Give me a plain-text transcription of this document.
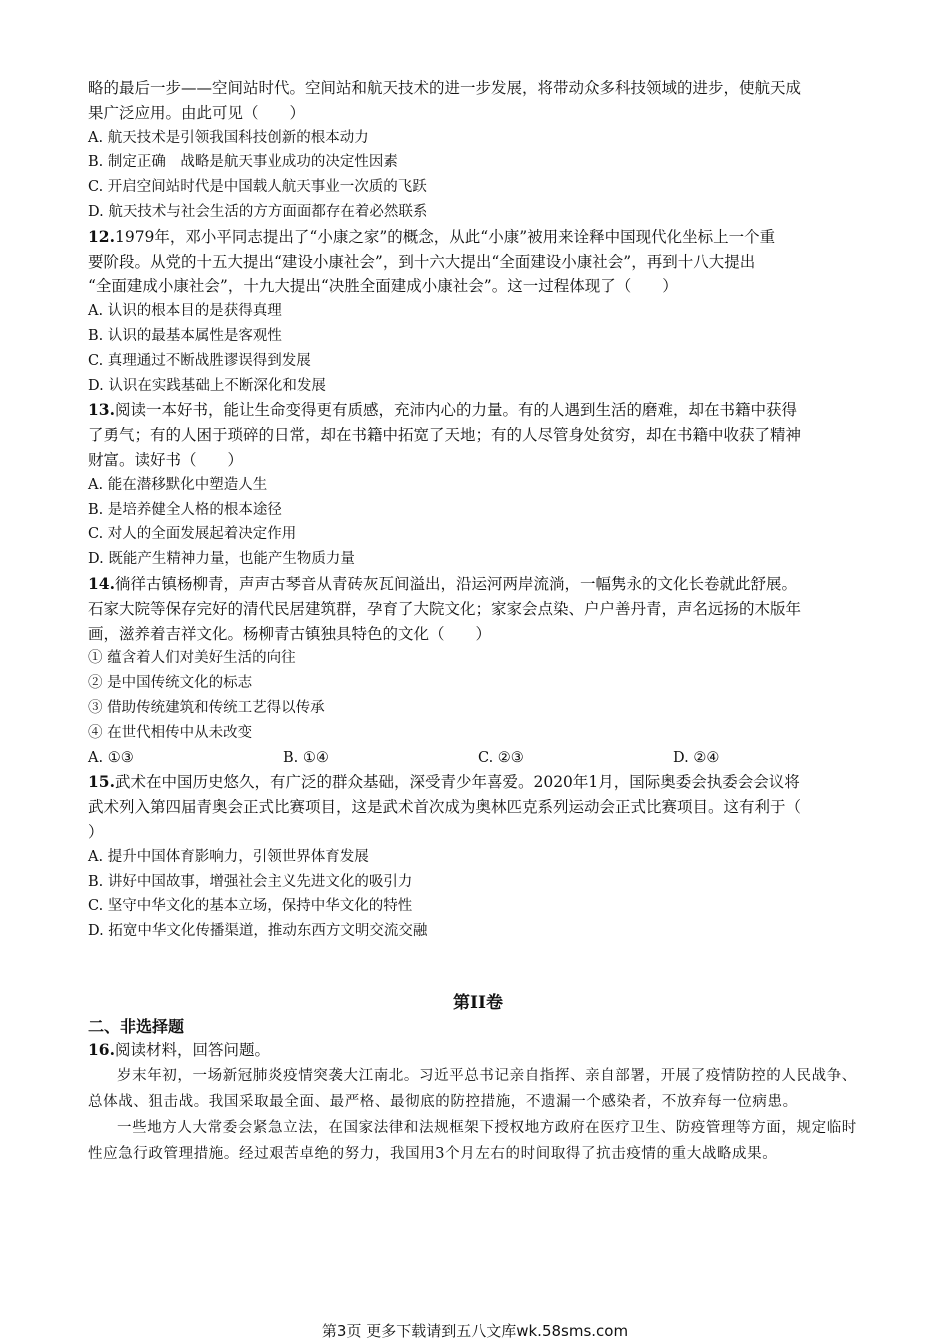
略的最后一步——空间站时代。空间站和航天技术的进一步发展，将带动众多科技领域的进步，使航天成
果广泛应用。由此可见（　　）
A. 航天技术是引领我国科技创新的根本动力
B. 制定正确　战略是航天事业成功的决定性因素
C. 开启空间站时代是中国载人航天事业一次质的飞跃
D. 航天技术与社会生活的方方面面都存在着必然联系
12.1979年，邓小平同志提出了“小康之家”的概念，从此“小康”被用来诠释中国现代化坐标上一个重
要阶段。从党的十五大提出“建设小康社会”，到十六大提出“全面建设小康社会”，再到十八大提出
“全面建成小康社会”，十九大提出“决胜全面建成小康社会”。这一过程体现了（　　）
A. 认识的根本目的是获得真理
B. 认识的最基本属性是客观性
C. 真理通过不断战胜谬误得到发展
D. 认识在实践基础上不断深化和发展
13.阅读一本好书，能让生命变得更有质感，充沛内心的力量。有的人遇到生活的磨难，却在书籍中获得
了勇气；有的人困于琐碎的日常，却在书籍中拓宽了天地；有的人尽管身处贫穷，却在书籍中收获了精神
财富。读好书（　　）
A. 能在潜移默化中塑造人生
B. 是培养健全人格的根本途径
C. 对人的全面发展起着决定作用
D. 既能产生精神力量，也能产生物质力量
14.徜徉古镇杨柳青，声声古琴音从青砖灰瓦间溢出，沿运河两岸流淌，一幅隽永的文化长卷就此舒展。
石家大院等保存完好的清代民居建筑群，孕育了大院文化；家家会点染、户户善丹青，声名远扬的木版年
画，滋养着吉祥文化。杨柳青古镇独具特色的文化（　　）
① 蕴含着人们对美好生活的向往
② 是中国传统文化的标志
③ 借助传统建筑和传统工艺得以传承
④ 在世代相传中从未改变
A. ①③	B. ①④	C. ②③	D. ②④
15.武术在中国历史悠久，有广泛的群众基础，深受青少年喜爱。2020年1月，国际奥委会执委会会议将
武术列入第四届青奥会正式比赛项目，这是武术首次成为奥林匹克系列运动会正式比赛项目。这有利于（
）
A. 提升中国体育影响力，引领世界体育发展
B. 讲好中国故事，增强社会主义先进文化的吸引力
C. 坚守中华文化的基本立场，保持中华文化的特性
D. 拓宽中华文化传播渠道，推动东西方文明交流交融
第II卷
二、非选择题
16.阅读材料，回答问题。
岁末年初，一场新冠肺炎疫情突袭大江南北。习近平总书记亲自指挥、亲自部署，开展了疫情防控的人民战争、总体战、狙击战。我国采取最全面、最严格、最彻底的防控措施，不遗漏一个感染者，不放弃每一位病患。
一些地方人大常委会紧急立法，在国家法律和法规框架下授权地方政府在医疗卫生、防疫管理等方面，规定临时性应急行政管理措施。经过艰苦卓绝的努力，我国用3个月左右的时间取得了抗击疫情的重大战略成果。
第3页 更多下载请到五八文库wk.58sms.com
